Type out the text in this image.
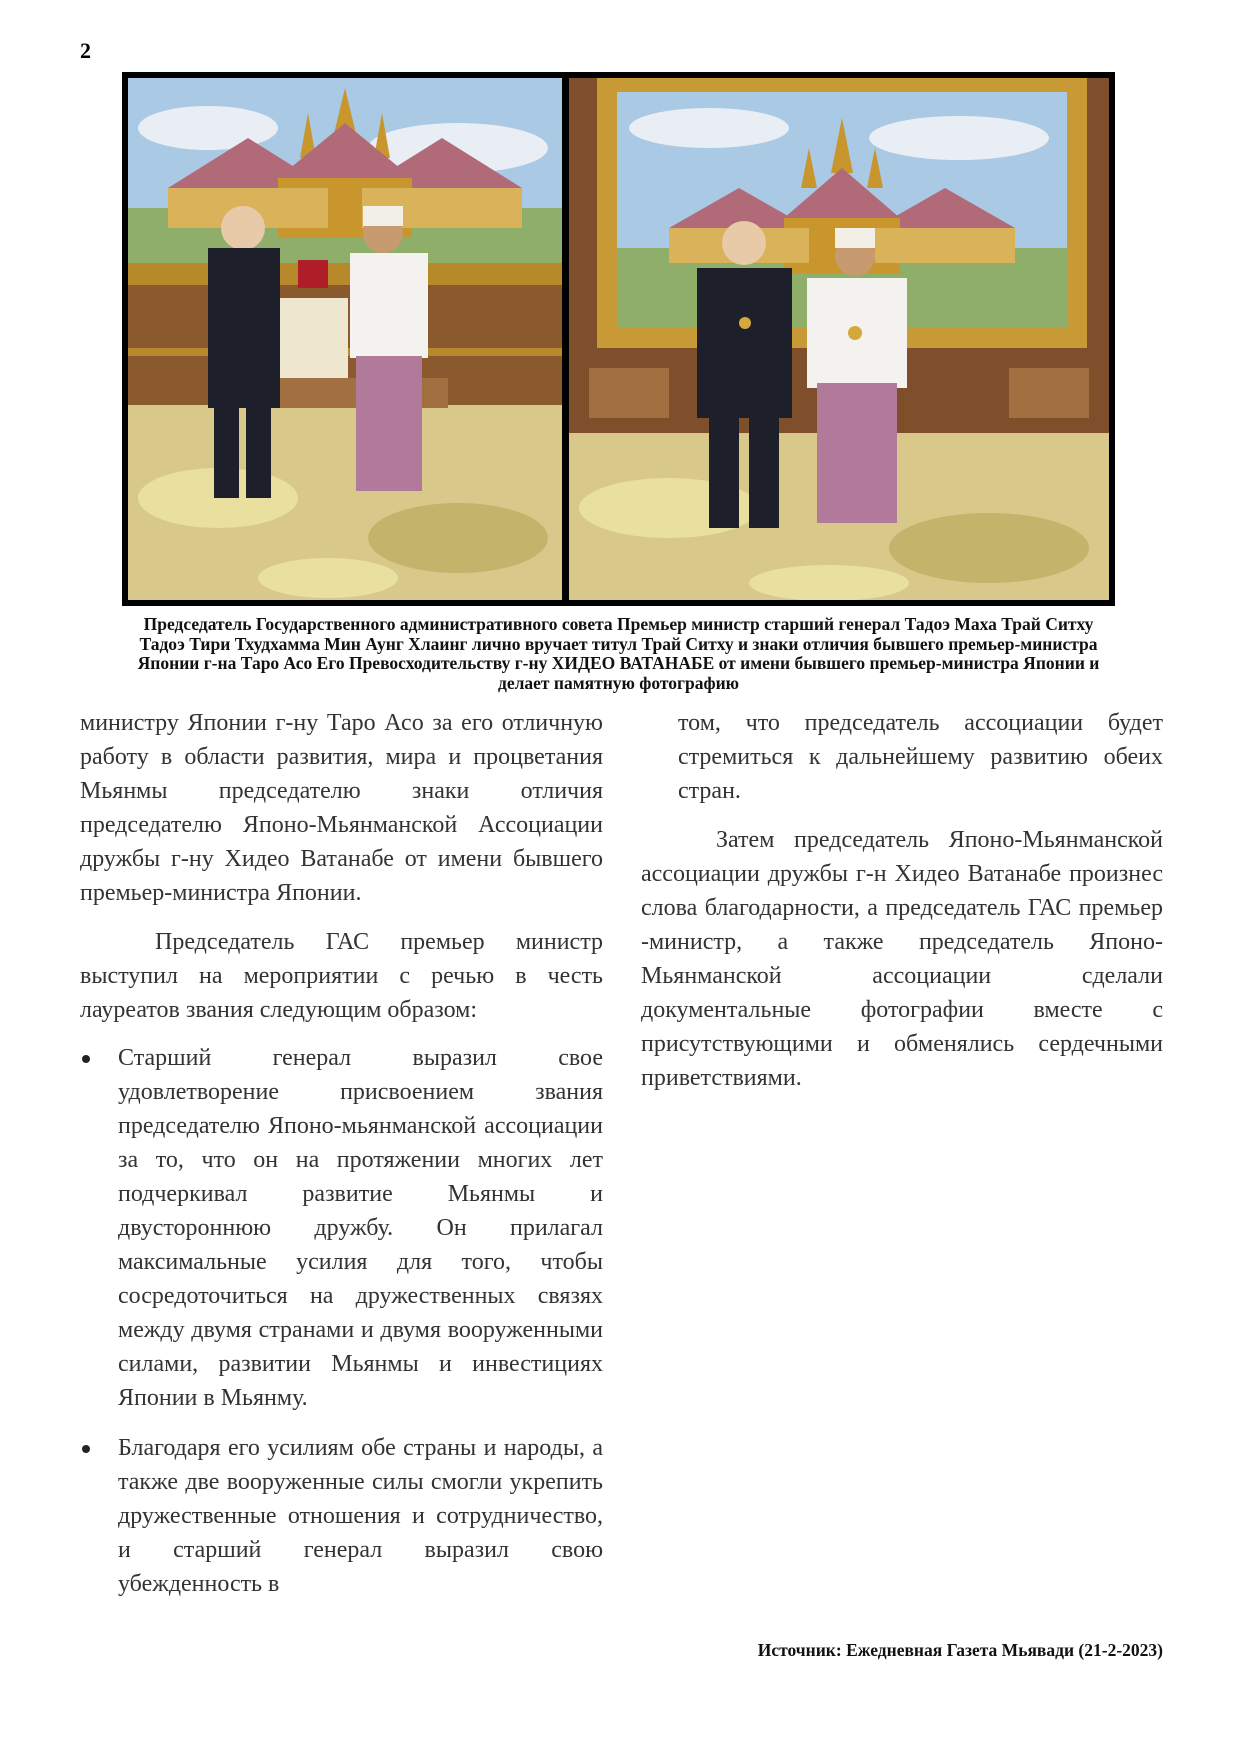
2
Председатель Государственного административного совета Премьер министр старший генерал Тадоэ Маха Трай Ситху Тадоэ Тири Тхудхамма Мин Аунг Хлаинг лично вручает титул Трай Ситху и знаки отличия бывшего премьер-министра Японии г-на Таро Асо Его Превосходительству г-ну ХИДЕО ВАТАНАБЕ от имени бывшего премьер-министра Японии и делает памятную фотографию

министру Японии г-ну Таро Асо за его отличную работу в области развития, мира и процветания Мьянмы председателю знаки отличия председателю Японо-Мьянманской Ассоциации дружбы г-ну Хидео Ватанабе от имени бывшего премьер-министра Японии.

Председатель ГАС премьер министр выступил на мероприятии с речью в честь лауреатов звания следующим образом:

Старший генерал выразил свое удовлетворение присвоением звания председателю Японо-мьянманской ассоциации за то, что он на протяжении многих лет подчеркивал развитие Мьянмы и двустороннюю дружбу. Он прилагал максимальные усилия для того, чтобы сосредоточиться на дружественных связях между двумя странами и двумя вооруженными силами, развитии Мьянмы и инвестициях Японии в Мьянму.
Благодаря его усилиям обе страны и народы, а также две вооруженные силы смогли укрепить дружественные отношения и сотрудничество, и старший генерал выразил свою убежденность в

том, что председатель ассоциации будет стремиться к дальнейшему развитию обеих стран.

Затем председатель Японо-Мьянманской ассоциации дружбы г-н Хидео Ватанабе произнес слова благодарности, а председатель ГАС премьер -министр, а также председатель Японо-Мьянманской ассоциации сделали документальные фотографии вместе с присутствующими и обменялись сердечными приветствиями.

Источник: Ежедневная Газета Мьявади (21-2-2023)
